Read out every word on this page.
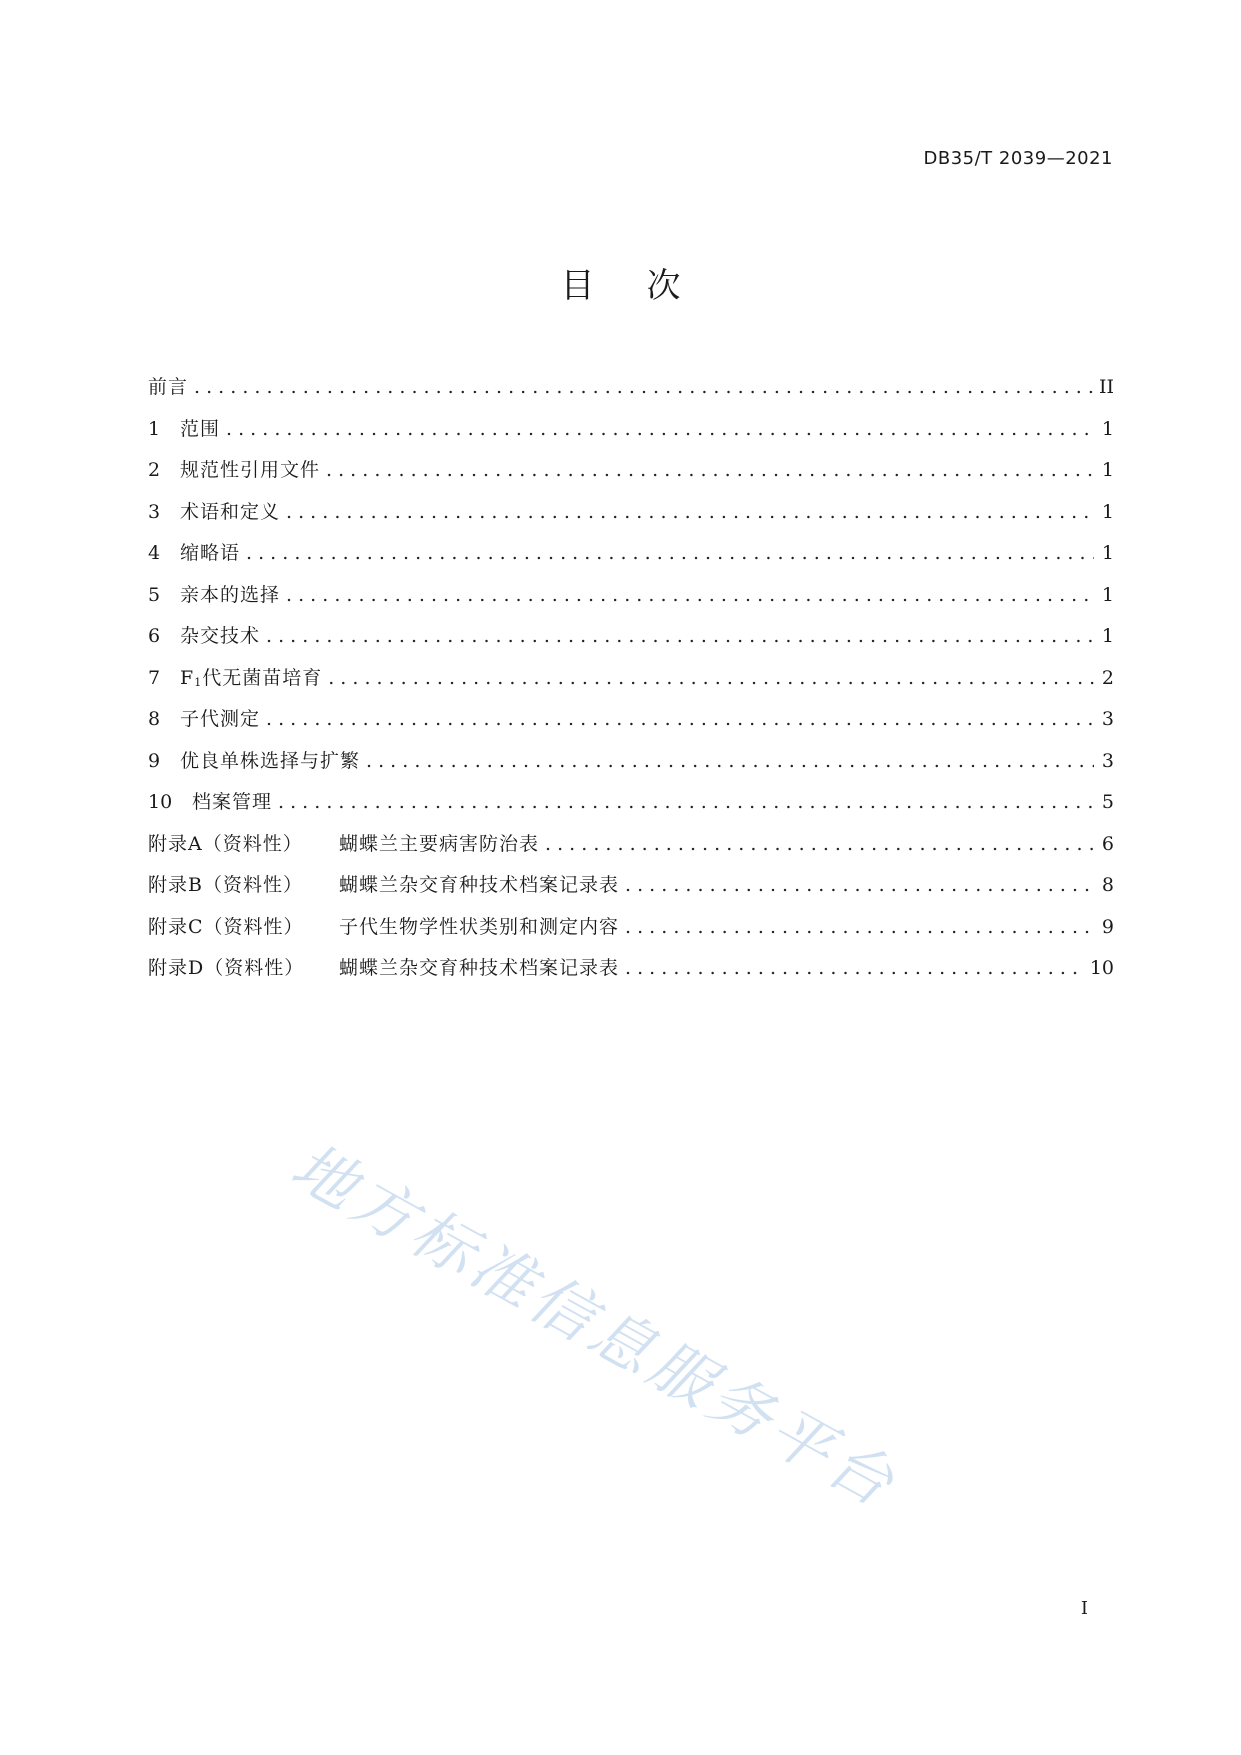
DB35/T 2039—2021
目次
前言 . . .	II
1	范围 . . .	1
2	规范性引用文件 . . .	1
3	术语和定义 . . .	1
4	缩略语 . . .	1
5	亲本的选择 . . .	1
6	杂交技术 . . .	1
7	F1代无菌苗培育 . . .	2
8	子代测定 . . .	3
9	优良单株选择与扩繁 . . .	3
10	档案管理 . . .	5
附录A（资料性）	蝴蝶兰主要病害防治表 . . .	6
附录B（资料性）	蝴蝶兰杂交育种技术档案记录表 . . .	8
附录C（资料性）	子代生物学性状类别和测定内容 . . .	9
附录D（资料性）	蝴蝶兰杂交育种技术档案记录表 . . .	10
地方标准信息服务平台
I
